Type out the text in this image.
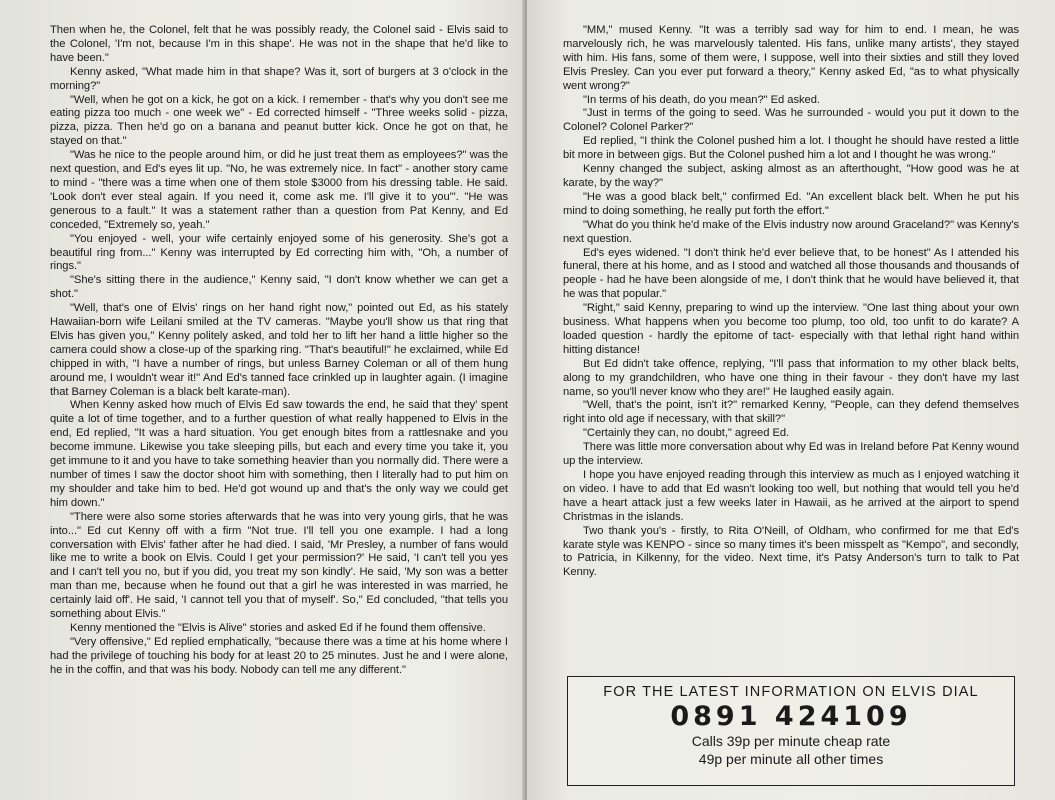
Then when he, the Colonel, felt that he was possibly ready, the Colonel said - Elvis said to the Colonel, 'I'm not, because I'm in this shape'. He was not in the shape that he'd like to have been."

Kenny asked, "What made him in that shape? Was it, sort of burgers at 3 o'clock in the morning?"

"Well, when he got on a kick, he got on a kick. I remember - that's why you don't see me eating pizza too much - one week we" - Ed corrected himself - "Three weeks solid - pizza, pizza, pizza. Then he'd go on a banana and peanut butter kick. Once he got on that, he stayed on that."

"Was he nice to the people around him, or did he just treat them as employees?" was the next question, and Ed's eyes lit up. "No, he was extremely nice. In fact" - another story came to mind - "there was a time when one of them stole $3000 from his dressing table. He said. 'Look don't ever steal again. If you need it, come ask me. I'll give it to you'". "He was generous to a fault." It was a statement rather than a question from Pat Kenny, and Ed conceded, "Extremely so, yeah."

"You enjoyed - well, your wife certainly enjoyed some of his generosity. She's got a beautiful ring from..." Kenny was interrupted by Ed correcting him with, "Oh, a number of rings."

"She's sitting there in the audience," Kenny said, "I don't know whether we can get a shot."

"Well, that's one of Elvis' rings on her hand right now," pointed out Ed, as his stately Hawaiian-born wife Leilani smiled at the TV cameras. "Maybe you'll show us that ring that Elvis has given you," Kenny politely asked, and told her to lift her hand a little higher so the camera could show a close-up of the sparking ring. "That's beautiful!" he exclaimed, while Ed chipped in with, "I have a number of rings, but unless Barney Coleman or all of them hung around me, I wouldn't wear it!" And Ed's tanned face crinkled up in laughter again. (I imagine that Barney Coleman is a black belt karate-man).

When Kenny asked how much of Elvis Ed saw towards the end, he said that they' spent quite a lot of time together, and to a further question of what really happened to Elvis in the end, Ed replied, "It was a hard situation. You get enough bites from a rattlesnake and you become immune. Likewise you take sleeping pills, but each and every time you take it, you get immune to it and you have to take something heavier than you normally did. There were a number of times I saw the doctor shoot him with something, then I literally had to put him on my shoulder and take him to bed. He'd got wound up and that's the only way we could get him down."

"There were also some stories afterwards that he was into very young girls, that he was into..." Ed cut Kenny off with a firm "Not true. I'll tell you one example. I had a long conversation with Elvis' father after he had died. I said, 'Mr Presley, a number of fans would like me to write a book on Elvis. Could I get your permission?' He said, 'I can't tell you yes and I can't tell you no, but if you did, you treat my son kindly'. He said, 'My son was a better man than me, because when he found out that a girl he was interested in was married, he certainly laid off'. He said, 'I cannot tell you that of myself'. So," Ed concluded, "that tells you something about Elvis."

Kenny mentioned the "Elvis is Alive" stories and asked Ed if he found them offensive.

"Very offensive," Ed replied emphatically, "because there was a time at his home where I had the privilege of touching his body for at least 20 to 25 minutes. Just he and I were alone, he in the coffin, and that was his body. Nobody can tell me any different."

"MM," mused Kenny. "It was a terribly sad way for him to end. I mean, he was marvelously rich, he was marvelously talented. His fans, unlike many artists', they stayed with him. His fans, some of them were, I suppose, well into their sixties and still they loved Elvis Presley. Can you ever put forward a theory," Kenny asked Ed, "as to what physically went wrong?"

"In terms of his death, do you mean?" Ed asked.

"Just in terms of the going to seed. Was he surrounded - would you put it down to the Colonel? Colonel Parker?"

Ed replied, "I think the Colonel pushed him a lot. I thought he should have rested a little bit more in between gigs. But the Colonel pushed him a lot and I thought he was wrong."

Kenny changed the subject, asking almost as an afterthought, "How good was he at karate, by the way?"

"He was a good black belt," confirmed Ed. "An excellent black belt. When he put his mind to doing something, he really put forth the effort."

"What do you think he'd make of the Elvis industry now around Graceland?" was Kenny's next question.

Ed's eyes widened. "I don't think he'd ever believe that, to be honest" As I attended his funeral, there at his home, and as I stood and watched all those thousands and thousands of people - had he have been alongside of me, I don't think that he would have believed it, that he was that popular."

"Right," said Kenny, preparing to wind up the interview. "One last thing about your own business. What happens when you become too plump, too old, too unfit to do karate? A loaded question - hardly the epitome of tact- especially with that lethal right hand within hitting distance!

But Ed didn't take offence, replying, "I'll pass that information to my other black belts, along to my grandchildren, who have one thing in their favour - they don't have my last name, so you'll never know who they are!" He laughed easily again.

"Well, that's the point, isn't it?" remarked Kenny, "People, can they defend themselves right into old age if necessary, with that skill?"

"Certainly they can, no doubt," agreed Ed.

There was little more conversation about why Ed was in Ireland before Pat Kenny wound up the interview.

I hope you have enjoyed reading through this interview as much as I enjoyed watching it on video. I have to add that Ed wasn't looking too well, but nothing that would tell you he'd have a heart attack just a few weeks later in Hawaii, as he arrived at the airport to spend Christmas in the islands.

Two thank you's - firstly, to Rita O'Neill, of Oldham, who confirmed for me that Ed's karate style was KENPO - since so many times it's been misspelt as "Kempo", and secondly, to Patricia, in Kilkenny, for the video. Next time, it's Patsy Anderson's turn to talk to Pat Kenny.

FOR THE LATEST INFORMATION ON ELVIS DIAL
0891 424109
Calls 39p per minute cheap rate
49p per minute all other times
